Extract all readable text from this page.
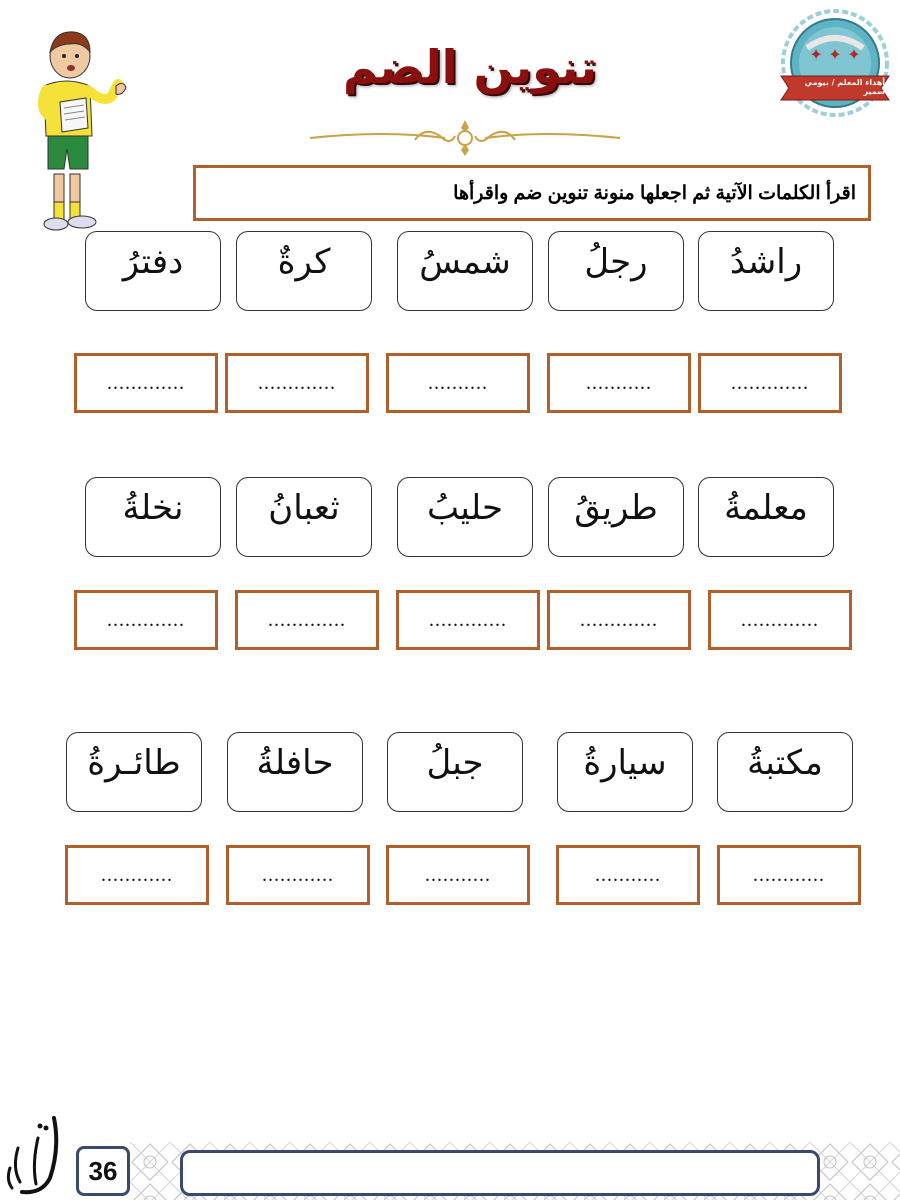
✦ ✦ ✦
أهداء المعلم / بيومي سمير
تنوين الضم
اقرأ الكلمات الآتية ثم اجعلها منونة تنوين ضم واقرأها
راشدُ
رجلُ
شمسُ
كرةٌ
دفترُ
.............
...........
..........
.............
.............
معلمةُ
طريقُ
حليبُ
ثعبانُ
نخلةُ
.............
.............
.............
.............
.............
مكتبةُ
سيارةُ
جبلُ
حافلةُ
طائـرةُ
............
...........
...........
............
............
36
